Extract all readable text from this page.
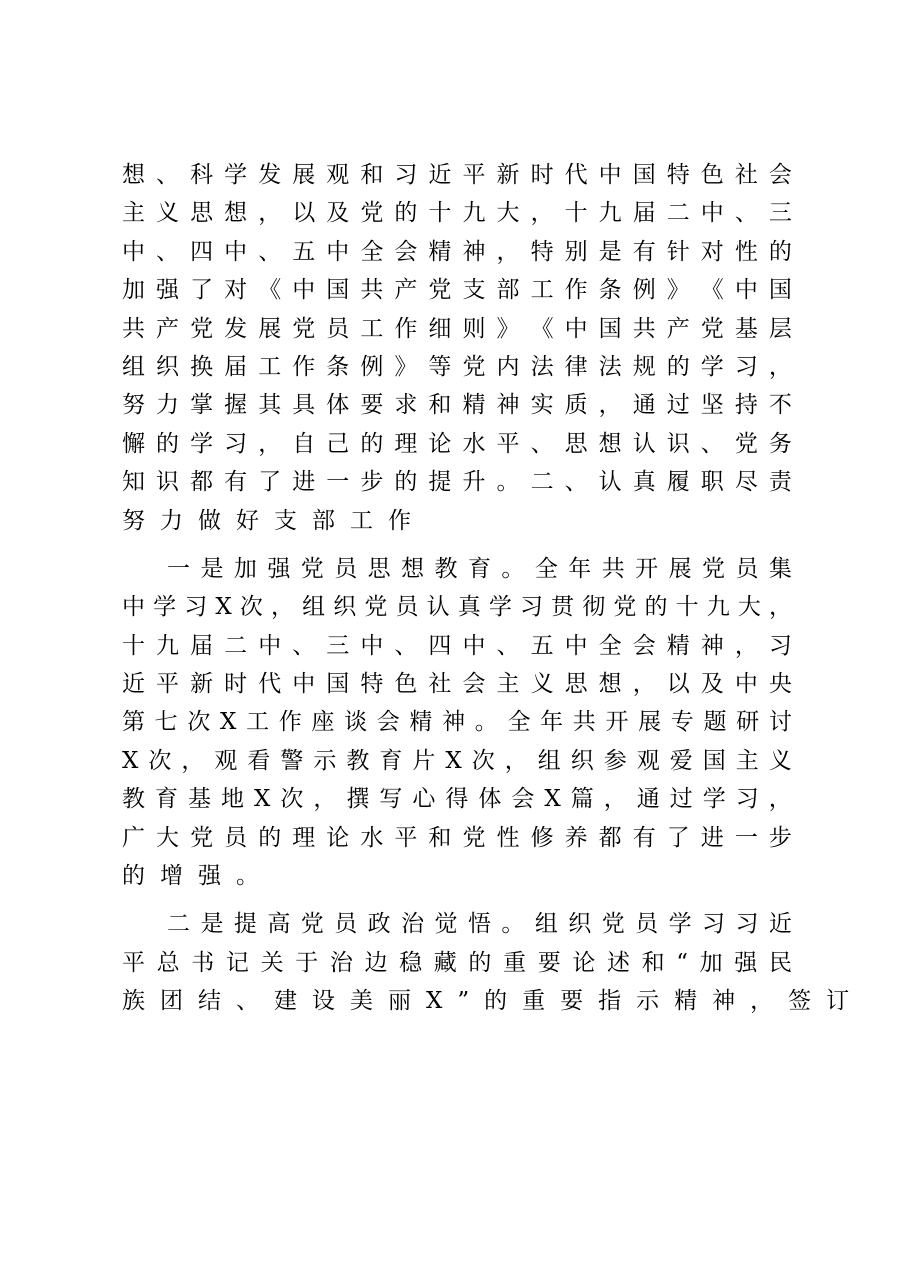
想 、 科 学 发 展 观 和 习 近 平 新 时 代 中 国 特 色 社 会
主 义 思 想 ， 以 及 党 的 十 九 大 ， 十 九 届 二 中 、 三
中 、 四 中 、 五 中 全 会 精 神 ， 特 别 是 有 针 对 性 的
加 强 了 对 《 中 国 共 产 党 支 部 工 作 条 例 》 《 中 国
共 产 党 发 展 党 员 工 作 细 则 》 《 中 国 共 产 党 基 层
组 织 换 届 工 作 条 例 》 等 党 内 法 律 法 规 的 学 习 ，
努 力 掌 握 其 具 体 要 求 和 精 神 实 质 ， 通 过 坚 持 不
懈 的 学 习 ， 自 己 的 理 论 水 平 、 思 想 认 识 、 党 务
知 识 都 有 了 进 一 步 的 提 升 。 二 、 认 真 履 职 尽 责
努 力 做 好 支 部 工 作
一 是 加 强 党 员 思 想 教 育 。 全 年 共 开 展 党 员 集
中 学 习 X 次 ， 组 织 党 员 认 真 学 习 贯 彻 党 的 十 九 大 ，
十 九 届 二 中 、 三 中 、 四 中 、 五 中 全 会 精 神 ， 习
近 平 新 时 代 中 国 特 色 社 会 主 义 思 想 ， 以 及 中 央
第 七 次 X 工 作 座 谈 会 精 神 。 全 年 共 开 展 专 题 研 讨
X 次 ， 观 看 警 示 教 育 片 X 次 ， 组 织 参 观 爱 国 主 义
教 育 基 地 X 次 ， 撰 写 心 得 体 会 X 篇 ， 通 过 学 习 ，
广 大 党 员 的 理 论 水 平 和 党 性 修 养 都 有 了 进 一 步
的 增 强 。
二 是 提 高 党 员 政 治 觉 悟 。 组 织 党 员 学 习 习 近
平 总 书 记 关 于 治 边 稳 藏 的 重 要 论 述 和 “ 加 强 民
族 团 结 、 建 设 美 丽 X ” 的 重 要 指 示 精 神 ， 签 订
